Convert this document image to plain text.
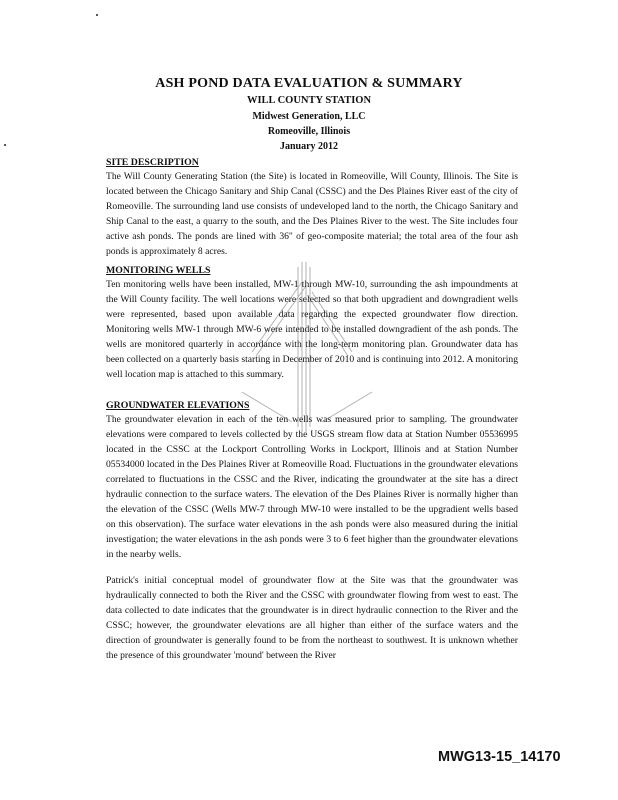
ASH POND DATA EVALUATION & SUMMARY
WILL COUNTY STATION
Midwest Generation, LLC
Romeoville, Illinois
January 2012
SITE DESCRIPTION
The Will County Generating Station (the Site) is located in Romeoville, Will County, Illinois. The Site is located between the Chicago Sanitary and Ship Canal (CSSC) and the Des Plaines River east of the city of Romeoville. The surrounding land use consists of undeveloped land to the north, the Chicago Sanitary and Ship Canal to the east, a quarry to the south, and the Des Plaines River to the west. The Site includes four active ash ponds. The ponds are lined with 36" of geo-composite material; the total area of the four ash ponds is approximately 8 acres.
MONITORING WELLS
Ten monitoring wells have been installed, MW-1 through MW-10, surrounding the ash impoundments at the Will County facility. The well locations were selected so that both upgradient and downgradient wells were represented, based upon available data regarding the expected groundwater flow direction. Monitoring wells MW-1 through MW-6 were intended to be installed downgradient of the ash ponds. The wells are monitored quarterly in accordance with the long-term monitoring plan. Groundwater data has been collected on a quarterly basis starting in December of 2010 and is continuing into 2012. A monitoring well location map is attached to this summary.
GROUNDWATER ELEVATIONS
The groundwater elevation in each of the ten wells was measured prior to sampling. The groundwater elevations were compared to levels collected by the USGS stream flow data at Station Number 05536995 located in the CSSC at the Lockport Controlling Works in Lockport, Illinois and at Station Number 05534000 located in the Des Plaines River at Romeoville Road. Fluctuations in the groundwater elevations correlated to fluctuations in the CSSC and the River, indicating the groundwater at the site has a direct hydraulic connection to the surface waters. The elevation of the Des Plaines River is normally higher than the elevation of the CSSC (Wells MW-7 through MW-10 were installed to be the upgradient wells based on this observation). The surface water elevations in the ash ponds were also measured during the initial investigation; the water elevations in the ash ponds were 3 to 6 feet higher than the groundwater elevations in the nearby wells.
Patrick's initial conceptual model of groundwater flow at the Site was that the groundwater was hydraulically connected to both the River and the CSSC with groundwater flowing from west to east. The data collected to date indicates that the groundwater is in direct hydraulic connection to the River and the CSSC; however, the groundwater elevations are all higher than either of the surface waters and the direction of groundwater is generally found to be from the northeast to southwest. It is unknown whether the presence of this groundwater 'mound' between the River
MWG13-15_14170
